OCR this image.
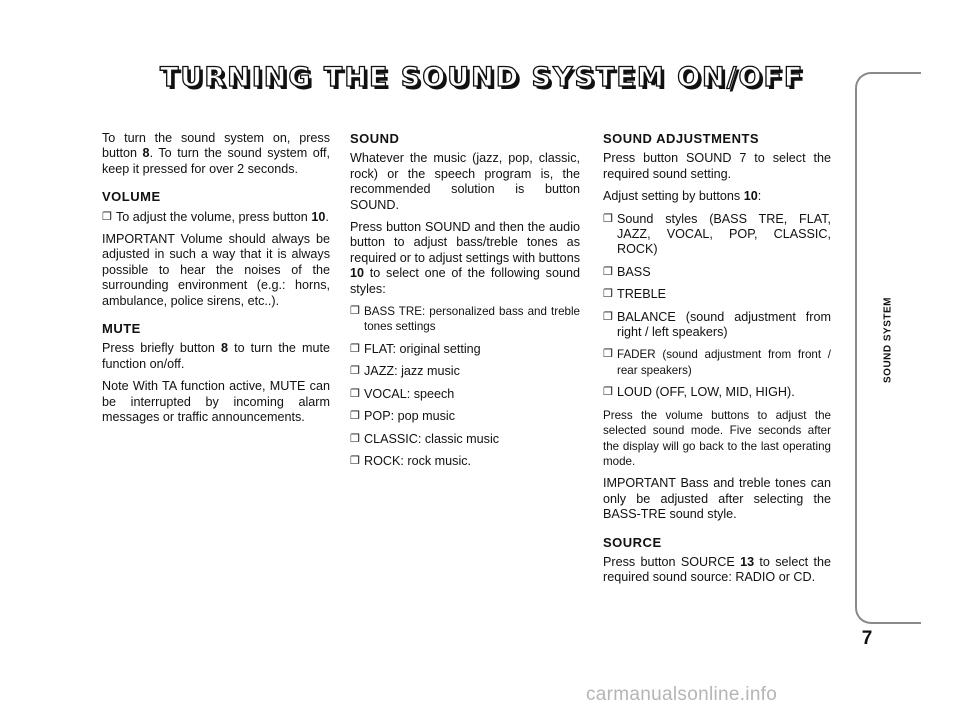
TURNING THE SOUND SYSTEM ON/OFF

To turn the sound system on, press button 8. To turn the sound system off, keep it pressed for over 2 seconds.

VOLUME

❐ To adjust the volume, press button 10.

IMPORTANT Volume should always be adjusted in such a way that it is always possible to hear the noises of the surrounding environment (e.g.: horns, ambulance, police sirens, etc..).

MUTE

Press briefly button 8 to turn the mute function on/off.

Note With TA function active, MUTE can be interrupted by incoming alarm messages or traffic announcements.

SOUND

Whatever the music (jazz, pop, classic, rock) or the speech program is, the recommended solution is button SOUND.

Press button SOUND and then the audio button to adjust bass/treble tones as required or to adjust settings with buttons 10 to select one of the following sound styles:

❐ BASS TRE: personalized bass and treble tones settings

❐ FLAT: original setting

❐ JAZZ: jazz music

❐ VOCAL: speech

❐ POP: pop music

❐ CLASSIC: classic music

❐ ROCK: rock music.

SOUND ADJUSTMENTS

Press button SOUND 7 to select the required sound setting.

Adjust setting by buttons 10:

❐ Sound styles (BASS TRE, FLAT, JAZZ, VOCAL, POP, CLASSIC, ROCK)

❐ BASS

❐ TREBLE

❐ BALANCE (sound adjustment from right / left speakers)

❐ FADER (sound adjustment from front / rear speakers)

❐ LOUD (OFF, LOW, MID, HIGH).

Press the volume buttons to adjust the selected sound mode. Five seconds after the display will go back to the last operating mode.

IMPORTANT Bass and treble tones can only be adjusted after selecting the BASS-TRE sound style.

SOURCE

Press button SOURCE 13 to select the required sound source: RADIO or CD.

SOUND SYSTEM
7
carmanualsonline.info
